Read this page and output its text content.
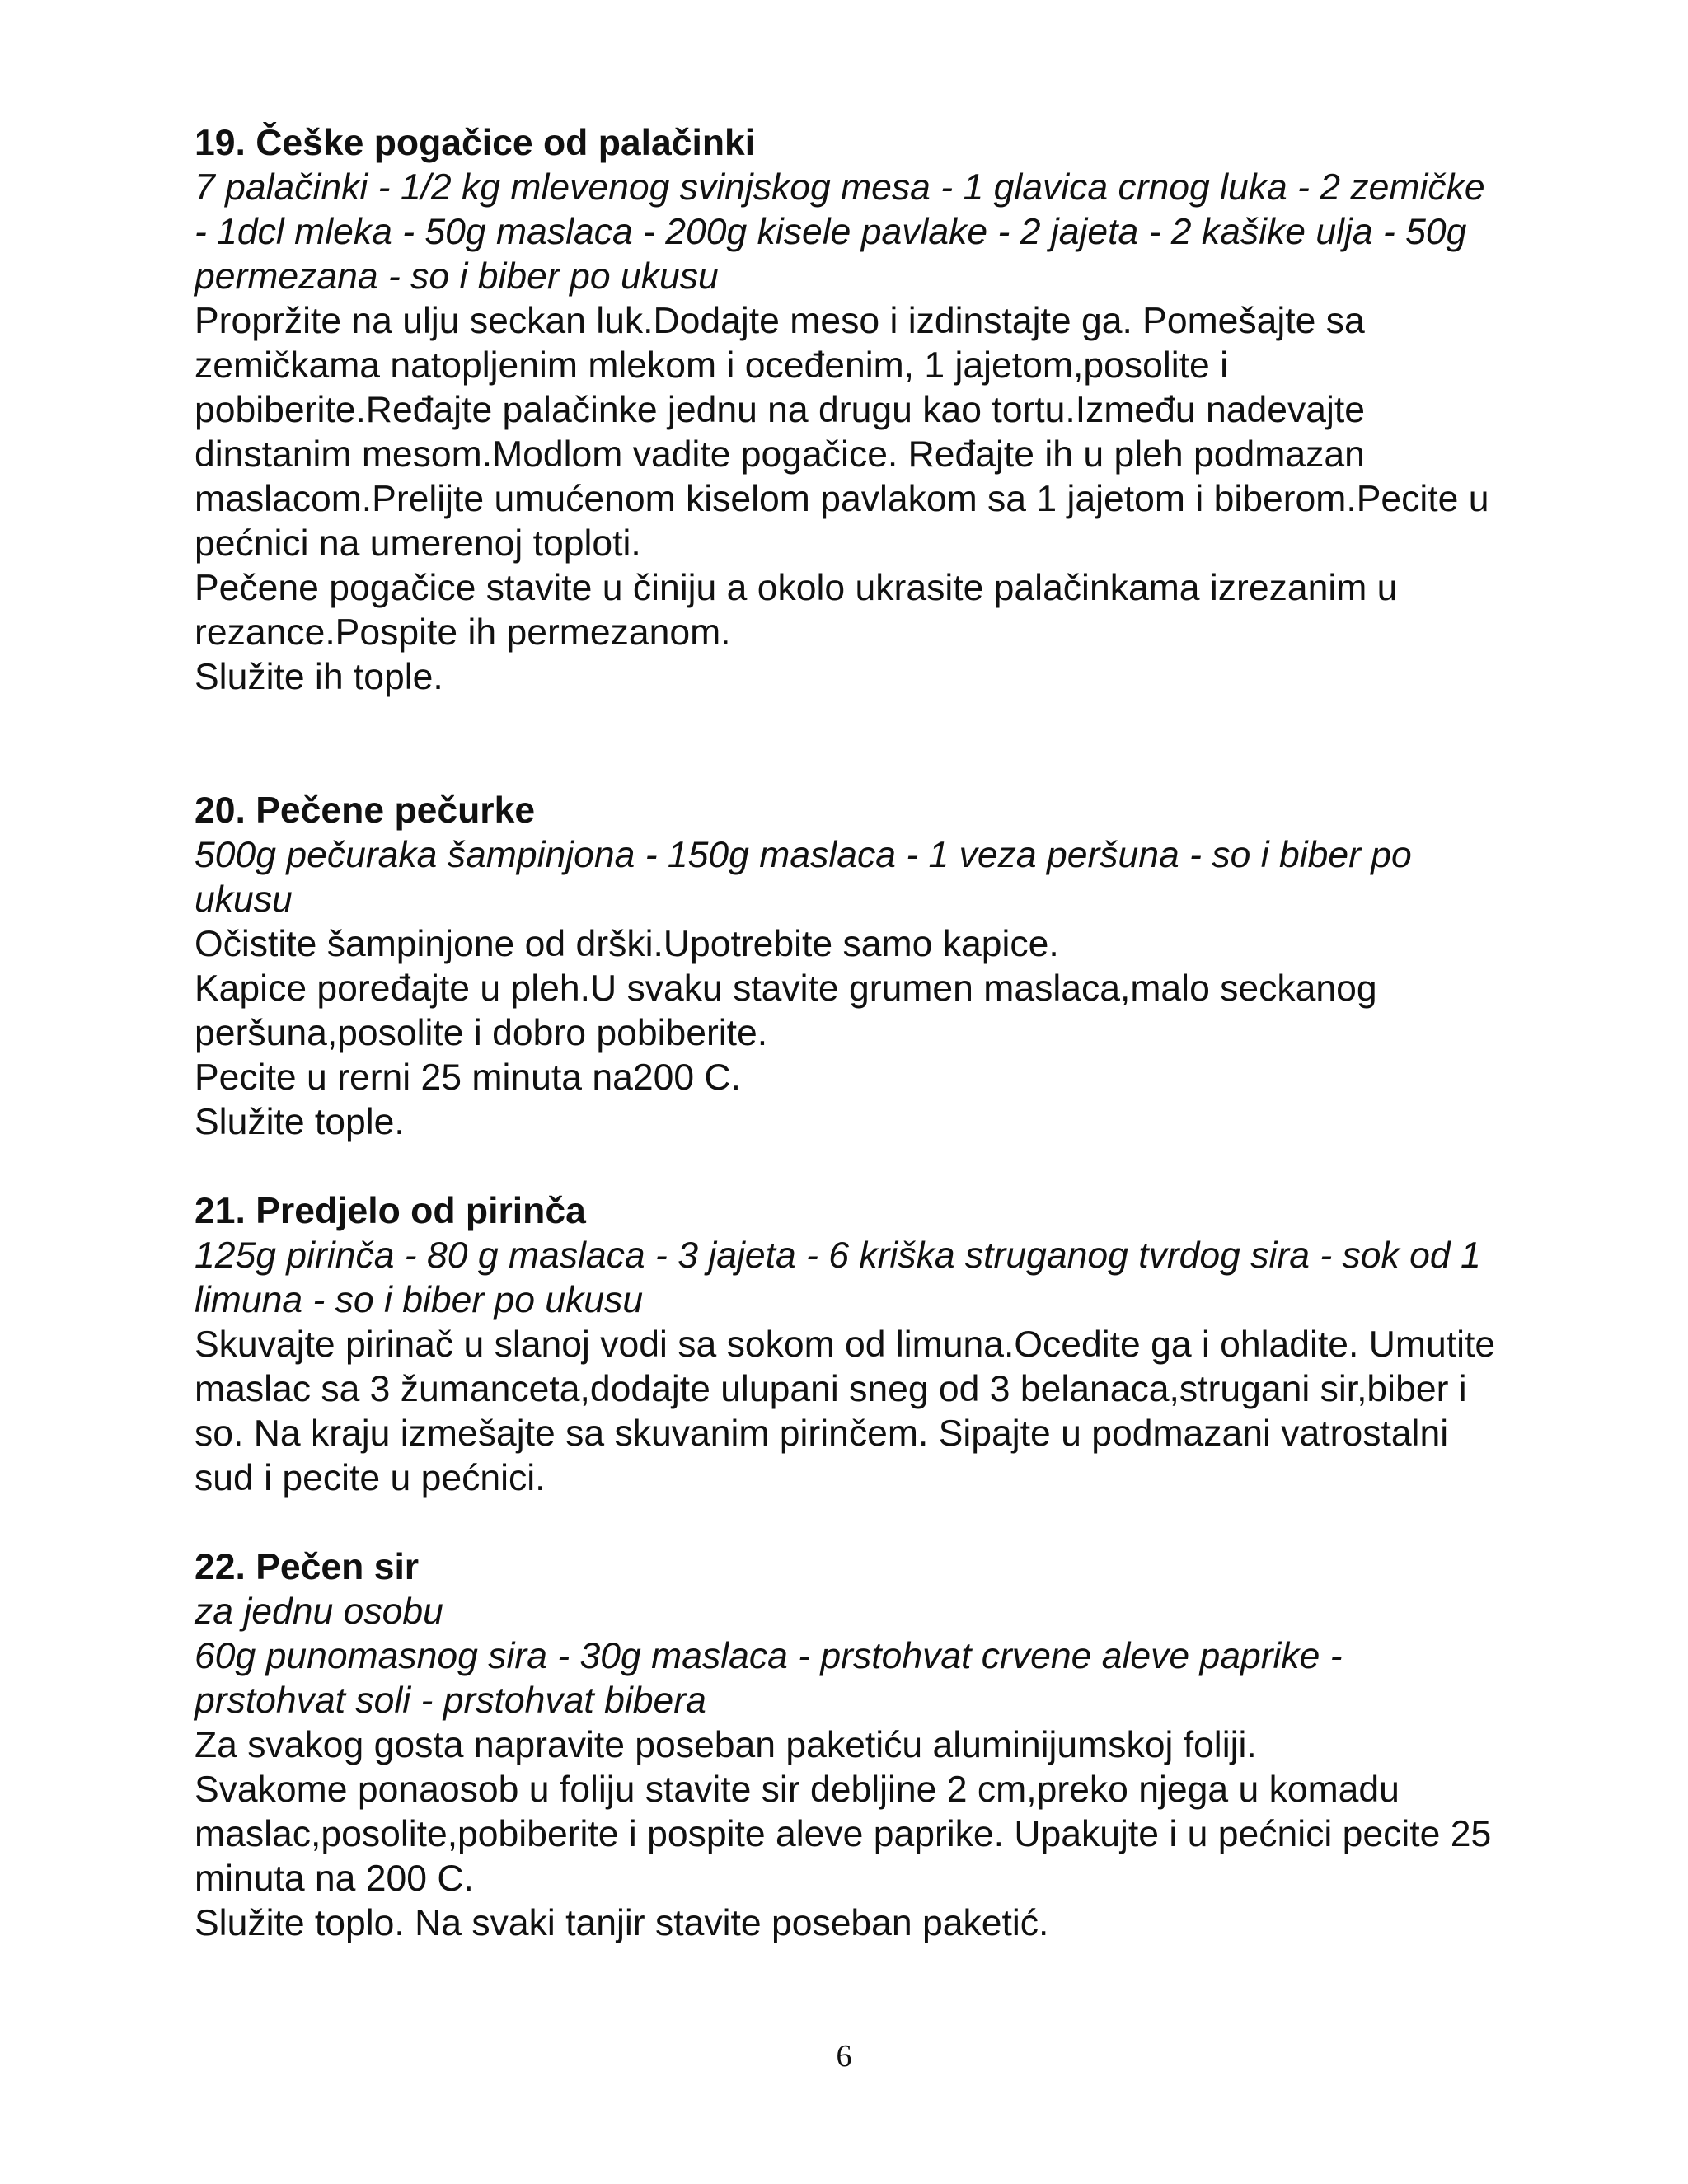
19. Češke pogačice od palačinki

7 palačinki - 1/2 kg mlevenog svinjskog mesa - 1 glavica crnog luka - 2 zemičke - 1dcl mleka - 50g maslaca - 200g kisele pavlake - 2 jajeta - 2 kašike ulja - 50g permezana - so i biber po ukusu

Propržite na ulju seckan luk.Dodajte meso i izdinstajte ga. Pomešajte sa zemičkama natopljenim mlekom i oceđenim, 1 jajetom,posolite i pobiberite.Ređajte palačinke jednu na drugu kao tortu.Između nadevajte dinstanim mesom.Modlom vadite pogačice. Ređajte ih u pleh podmazan maslacom.Prelijte umućenom kiselom pavlakom sa 1 jajetom i biberom.Pecite u pećnici na umerenoj toploti.

Pečene pogačice stavite u činiju a okolo ukrasite palačinkama izrezanim u rezance.Pospite ih permezanom.

Služite ih tople.

20. Pečene pečurke

500g pečuraka šampinjona - 150g maslaca - 1 veza peršuna - so i biber po ukusu

Očistite šampinjone od drški.Upotrebite samo kapice.

Kapice poređajte u pleh.U svaku stavite grumen maslaca,malo seckanog peršuna,posolite i dobro pobiberite.

Pecite u rerni 25 minuta na200 C.

Služite tople.

21. Predjelo od pirinča

125g pirinča - 80 g maslaca - 3 jajeta - 6 kriška struganog tvrdog sira - sok od 1 limuna - so i biber po ukusu

Skuvajte pirinač u slanoj vodi sa sokom od limuna.Ocedite ga i ohladite. Umutite maslac sa 3 žumanceta,dodajte ulupani sneg od 3 belanaca,strugani sir,biber i so. Na kraju izmešajte sa skuvanim pirinčem. Sipajte u podmazani vatrostalni sud i pecite u pećnici.

22. Pečen sir

za jednu osobu

60g punomasnog sira - 30g maslaca - prstohvat crvene aleve paprike - prstohvat soli - prstohvat bibera

Za svakog gosta napravite poseban paketiću aluminijumskoj foliji.

Svakome ponaosob u foliju stavite sir debljine 2 cm,preko njega u komadu maslac,posolite,pobiberite i pospite aleve paprike. Upakujte i u pećnici pecite 25 minuta na 200 C.

Služite toplo. Na svaki tanjir stavite poseban paketić.

6
